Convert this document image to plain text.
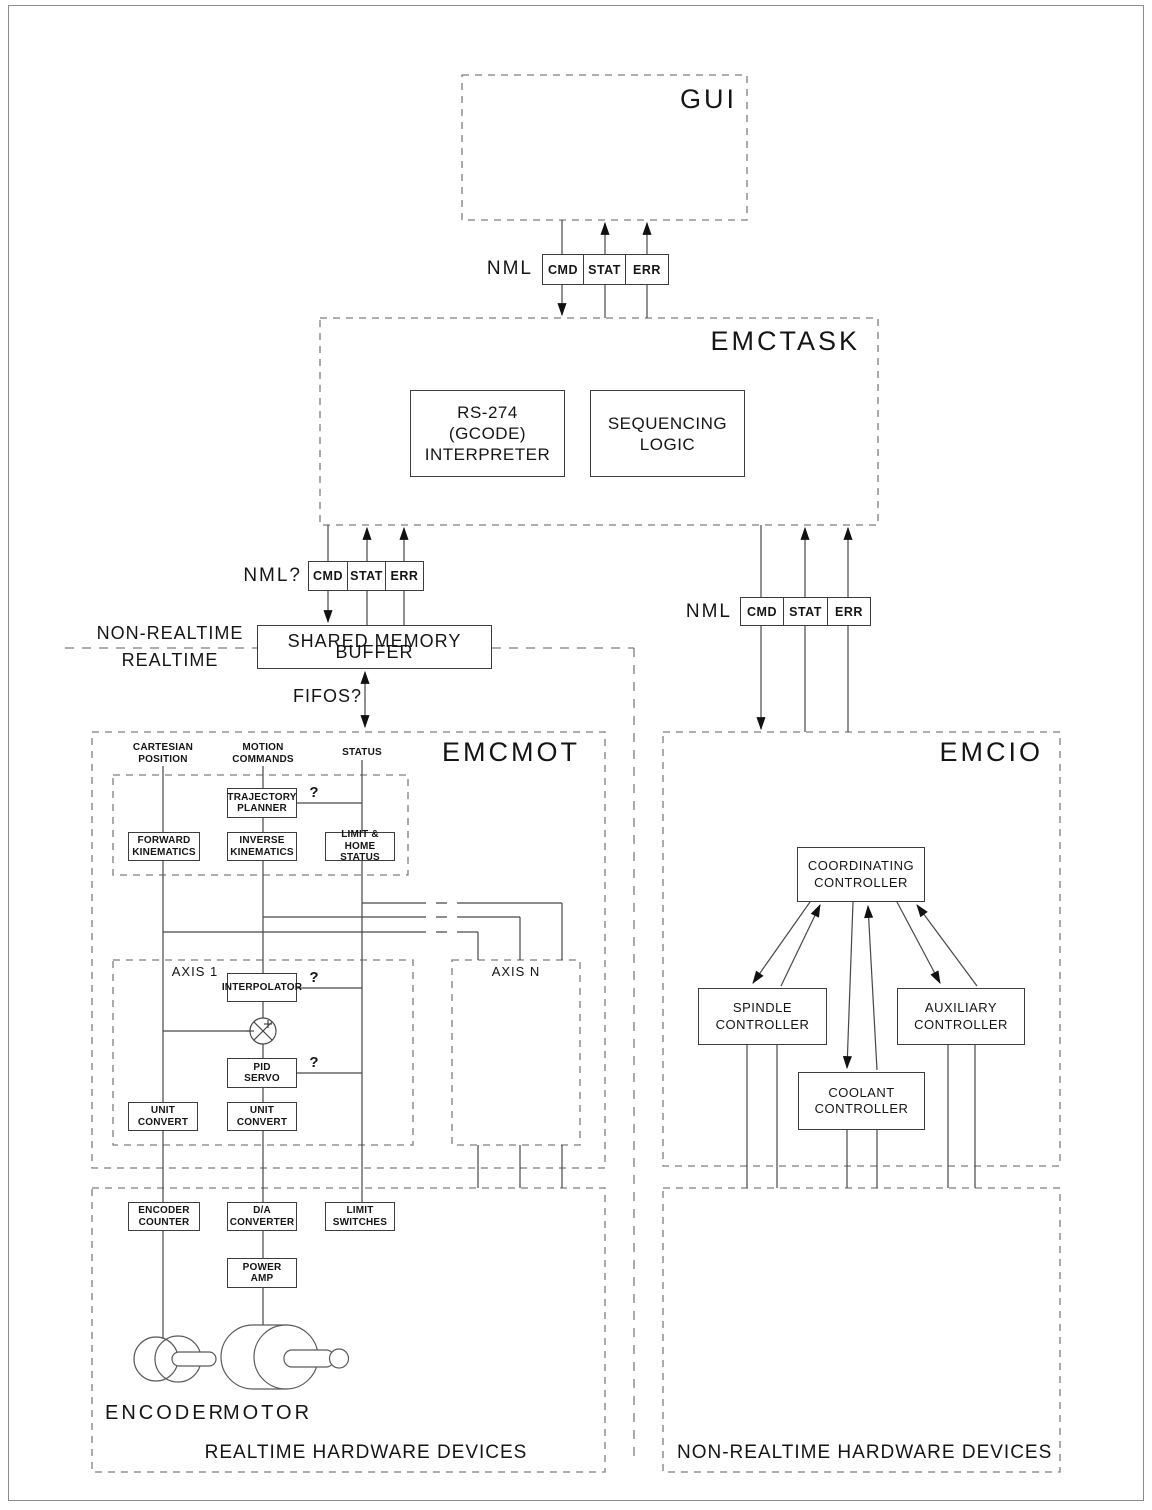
GUI
EMCTASK
EMCMOT	EMCIO
NML
NML?
NML
NON-REALTIME
REALTIME
FIFOS?
CMD STAT ERR
CMD STAT ERR
CMD STAT	ERR
RS-274
(GCODE)
INTERPRETER
SEQUENCING
LOGIC
SHARED MEMORY BUFFER
CARTESIAN
POSITION
MOTION
COMMANDS
STATUS
TRAJECTORY
PLANNER
FORWARD
KINEMATICS
INVERSE
KINEMATICS
LIMIT & HOME
STATUS
AXIS 1	AXIS N
INTERPOLATOR
PID
SERVO
UNIT
CONVERT
UNIT
CONVERT
?
?
?
COORDINATING
CONTROLLER
SPINDLE
CONTROLLER
AUXILIARY
CONTROLLER
COOLANT
CONTROLLER
ENCODER
COUNTER
D/A
CONVERTER
LIMIT
SWITCHES
POWER
AMP
ENCODER
MOTOR
REALTIME HARDWARE DEVICES	NON-REALTIME HARDWARE DEVICES
